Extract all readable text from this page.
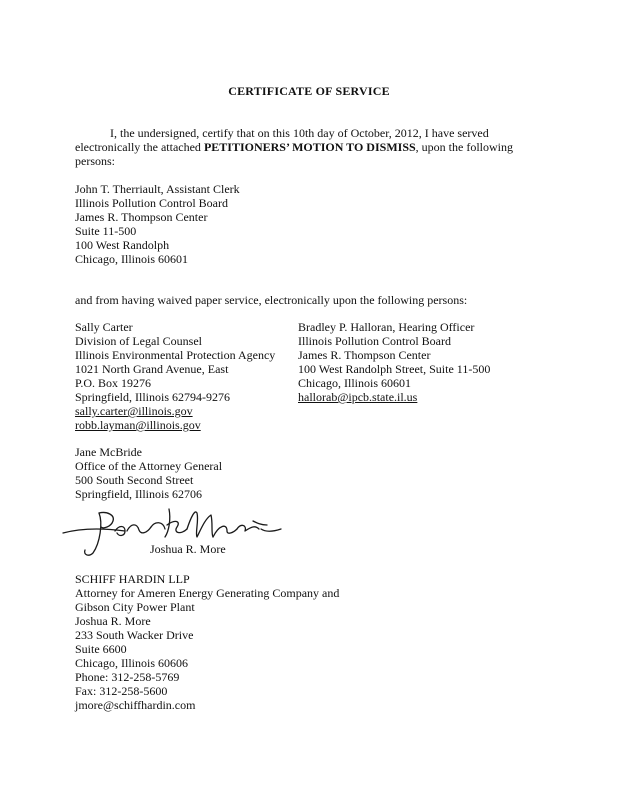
CERTIFICATE OF SERVICE

I, the undersigned, certify that on this 10th day of October, 2012, I have served electronically the attached PETITIONERS’ MOTION TO DISMISS, upon the following persons:

John T. Therriault, Assistant Clerk
Illinois Pollution Control Board
James R. Thompson Center
Suite 11-500
100 West Randolph
Chicago, Illinois 60601
and from having waived paper service, electronically upon the following persons:
Sally Carter
Division of Legal Counsel
Illinois Environmental Protection Agency
1021 North Grand Avenue, East
P.O. Box 19276
Springfield, Illinois 62794-9276
sally.carter@illinois.gov
robb.layman@illinois.gov
Bradley P. Halloran, Hearing Officer
Illinois Pollution Control Board
James R. Thompson Center
100 West Randolph Street, Suite 11-500
Chicago, Illinois 60601
hallorab@ipcb.state.il.us
Jane McBride
Office of the Attorney General
500 South Second Street
Springfield, Illinois 62706
Joshua R. More
SCHIFF HARDIN LLP
Attorney for Ameren Energy Generating Company and
Gibson City Power Plant
Joshua R. More
233 South Wacker Drive
Suite 6600
Chicago, Illinois 60606
Phone: 312-258-5769
Fax: 312-258-5600
jmore@schiffhardin.com
